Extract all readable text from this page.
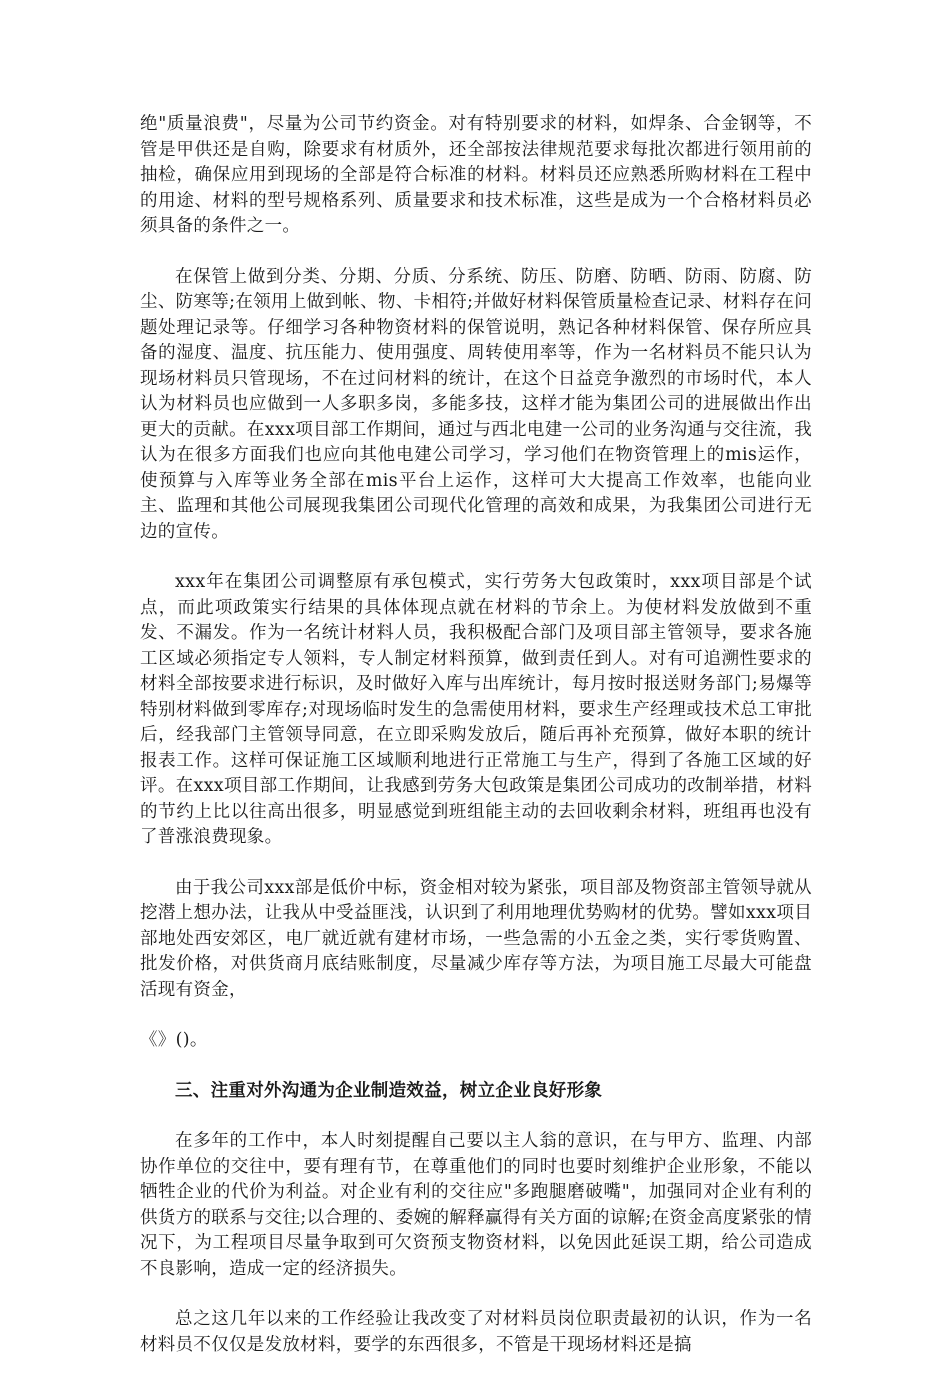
绝"质量浪费"，尽量为公司节约资金。对有特别要求的材料，如焊条、合金钢等，不管是甲供还是自购，除要求有材质外，还全部按法律规范要求每批次都进行领用前的抽检，确保应用到现场的全部是符合标准的材料。材料员还应熟悉所购材料在工程中的用途、材料的型号规格系列、质量要求和技术标准，这些是成为一个合格材料员必须具备的条件之一。

在保管上做到分类、分期、分质、分系统、防压、防磨、防晒、防雨、防腐、防尘、防寒等;在领用上做到帐、物、卡相符;并做好材料保管质量检查记录、材料存在问题处理记录等。仔细学习各种物资材料的保管说明，熟记各种材料保管、保存所应具备的湿度、温度、抗压能力、使用强度、周转使用率等，作为一名材料员不能只认为现场材料员只管现场，不在过问材料的统计，在这个日益竞争激烈的市场时代，本人认为材料员也应做到一人多职多岗，多能多技，这样才能为集团公司的进展做出作出更大的贡献。在xxx项目部工作期间，通过与西北电建一公司的业务沟通与交往流，我认为在很多方面我们也应向其他电建公司学习，学习他们在物资管理上的mis运作，使预算与入库等业务全部在mis平台上运作，这样可大大提高工作效率，也能向业主、监理和其他公司展现我集团公司现代化管理的高效和成果，为我集团公司进行无边的宣传。

xxx年在集团公司调整原有承包模式，实行劳务大包政策时，xxx项目部是个试点，而此项政策实行结果的具体体现点就在材料的节余上。为使材料发放做到不重发、不漏发。作为一名统计材料人员，我积极配合部门及项目部主管领导，要求各施工区域必须指定专人领料，专人制定材料预算，做到责任到人。对有可追溯性要求的材料全部按要求进行标识，及时做好入库与出库统计，每月按时报送财务部门;易爆等特别材料做到零库存;对现场临时发生的急需使用材料，要求生产经理或技术总工审批后，经我部门主管领导同意，在立即采购发放后，随后再补充预算，做好本职的统计报表工作。这样可保证施工区域顺利地进行正常施工与生产，得到了各施工区域的好评。在xxx项目部工作期间，让我感到劳务大包政策是集团公司成功的改制举措，材料的节约上比以往高出很多，明显感觉到班组能主动的去回收剩余材料，班组再也没有了普涨浪费现象。

由于我公司xxx部是低价中标，资金相对较为紧张，项目部及物资部主管领导就从挖潜上想办法，让我从中受益匪浅，认识到了利用地理优势购材的优势。譬如xxx项目部地处西安郊区，电厂就近就有建材市场，一些急需的小五金之类，实行零货购置、批发价格，对供货商月底结账制度，尽量减少库存等方法，为项目施工尽最大可能盘活现有资金，

《》()。

三、注重对外沟通为企业制造效益，树立企业良好形象

在多年的工作中，本人时刻提醒自己要以主人翁的意识，在与甲方、监理、内部协作单位的交往中，要有理有节，在尊重他们的同时也要时刻维护企业形象，不能以牺牲企业的代价为利益。对企业有利的交往应"多跑腿磨破嘴"，加强同对企业有利的供货方的联系与交往;以合理的、委婉的解释赢得有关方面的谅解;在资金高度紧张的情况下，为工程项目尽量争取到可欠资预支物资材料，以免因此延误工期，给公司造成不良影响，造成一定的经济损失。

总之这几年以来的工作经验让我改变了对材料员岗位职责最初的认识，作为一名材料员不仅仅是发放材料，要学的东西很多，不管是干现场材料还是搞
